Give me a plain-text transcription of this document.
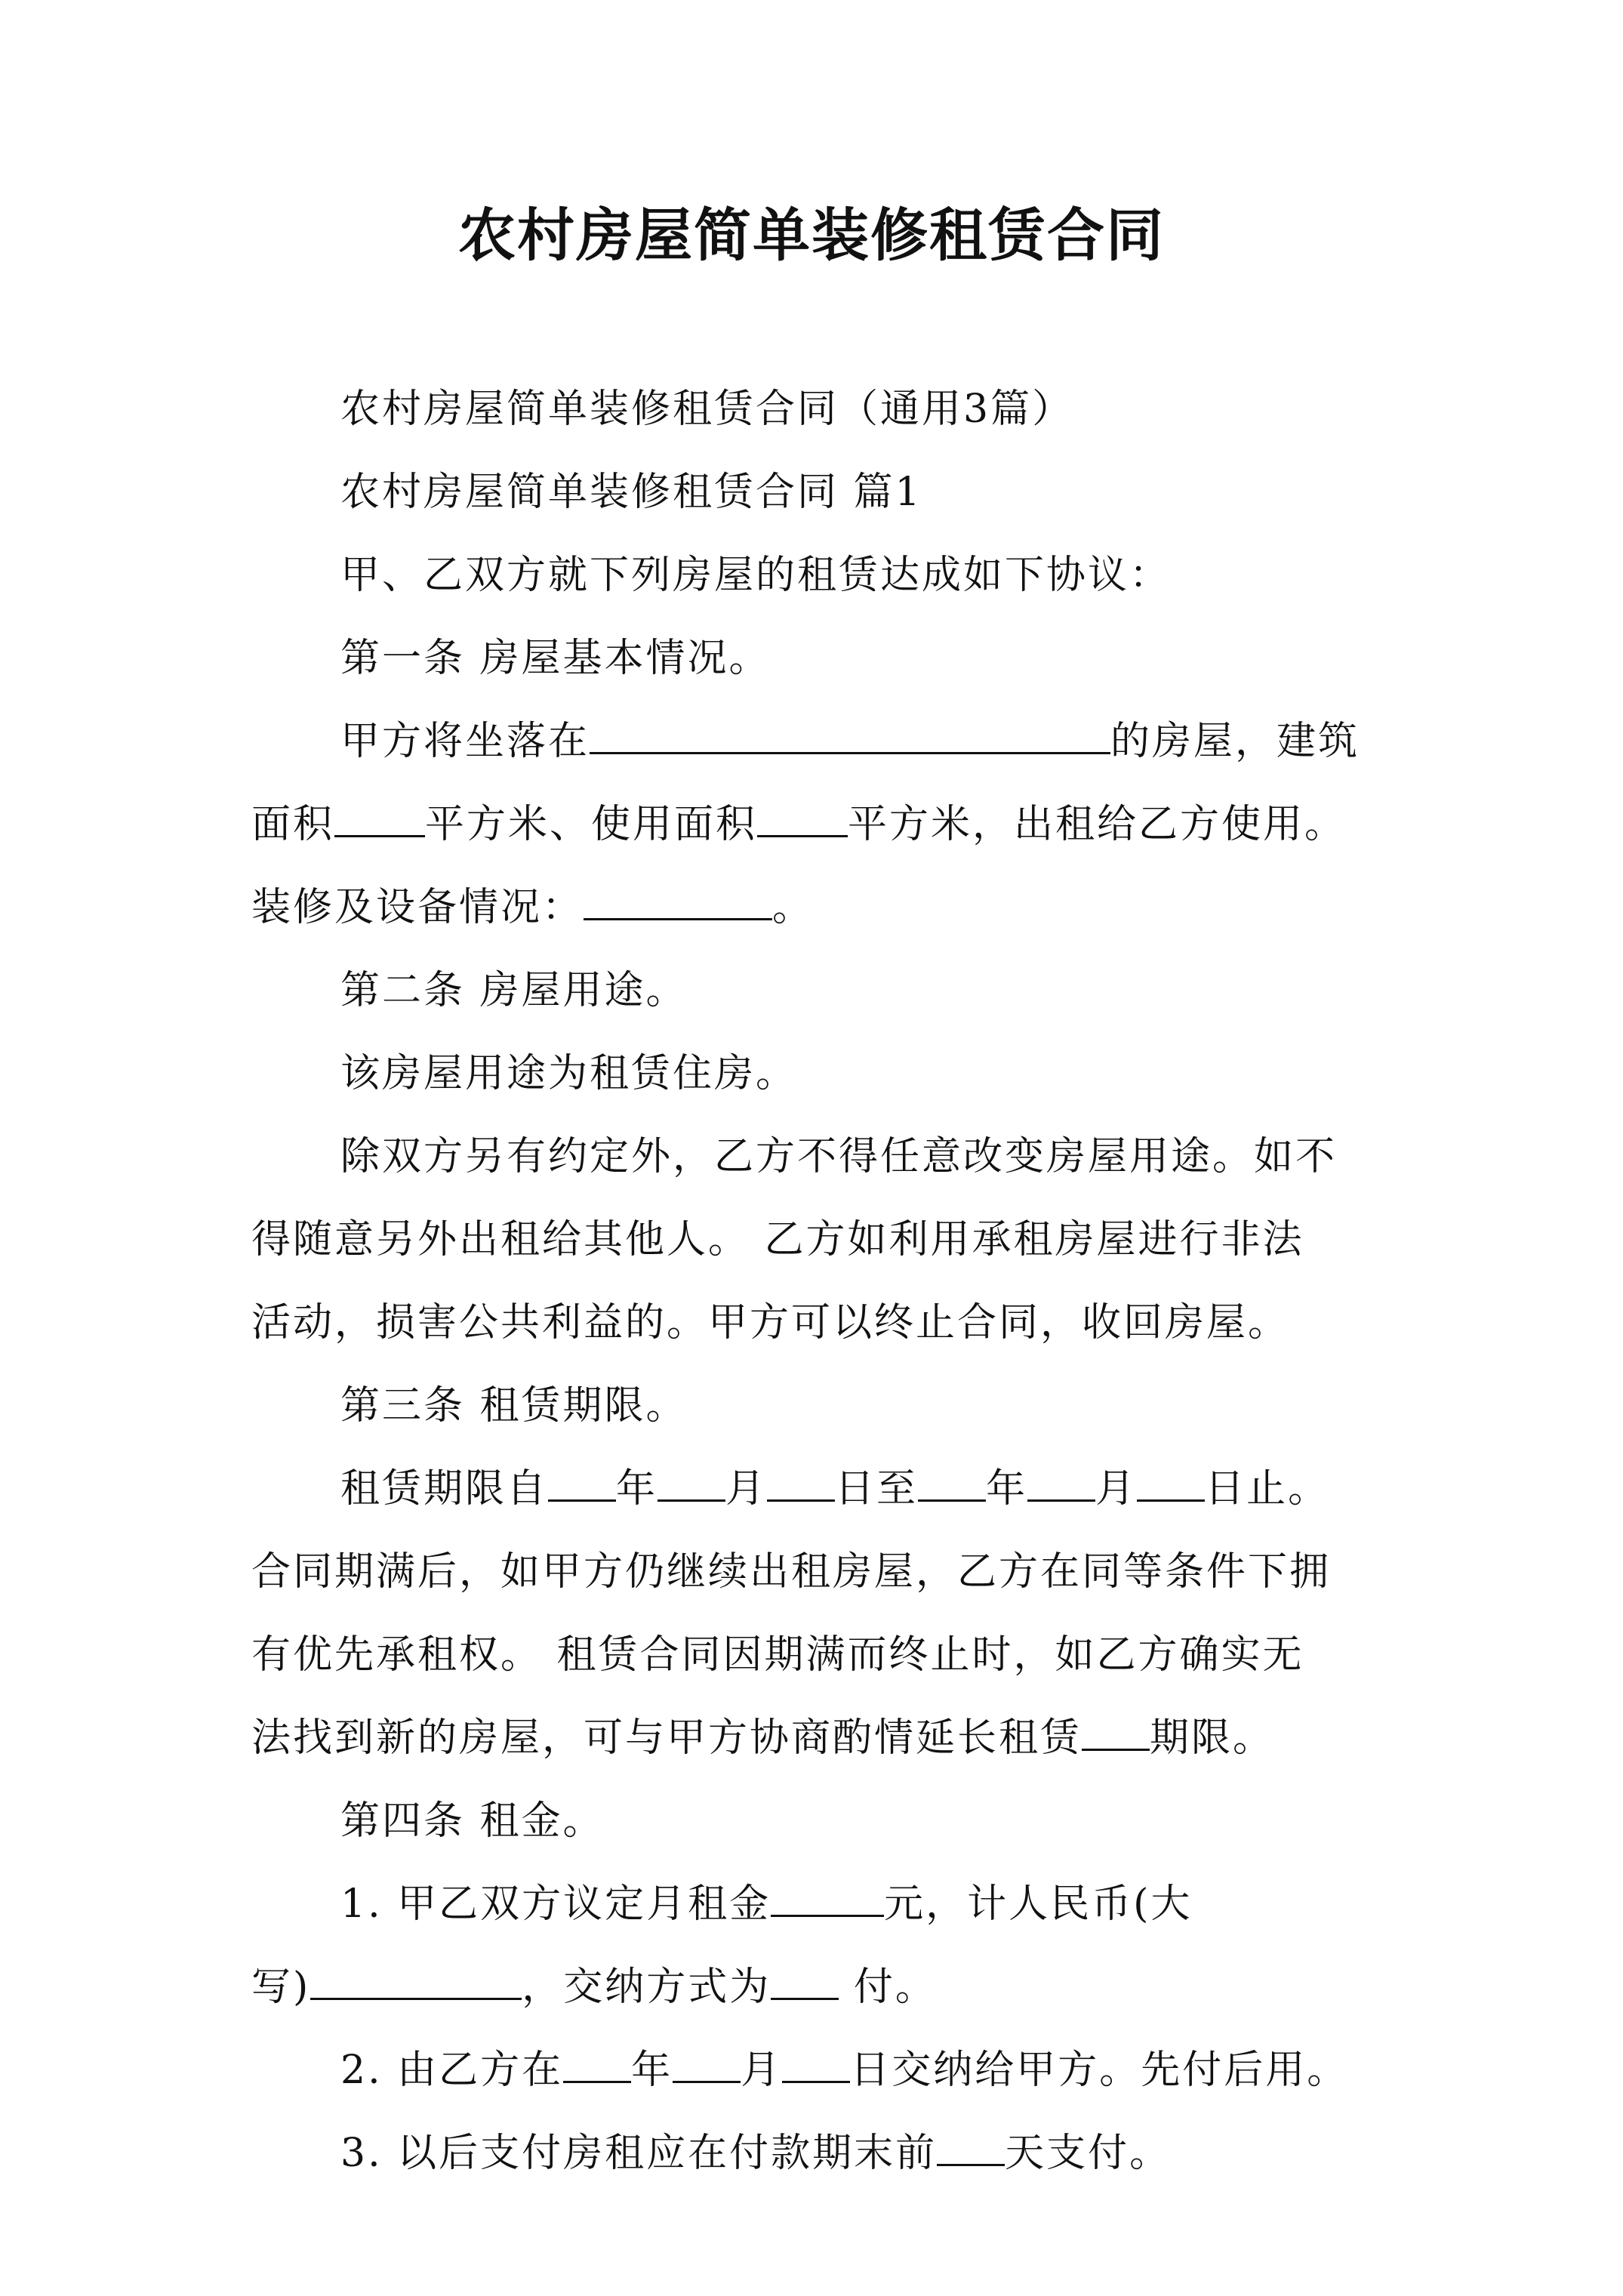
农村房屋简单装修租赁合同
农村房屋简单装修租赁合同（通用3篇）
农村房屋简单装修租赁合同 篇1
甲、乙双方就下列房屋的租赁达成如下协议：
第一条 房屋基本情况。
甲方将坐落在	的房屋，建筑
面积 平方米、使用面积 平方米，出租给乙方使用。
装修及设备情况：	。
第二条 房屋用途。
该房屋用途为租赁住房。
除双方另有约定外，乙方不得任意改变房屋用途。如不
得随意另外出租给其他人。 乙方如利用承租房屋进行非法
活动，损害公共利益的。甲方可以终止合同，收回房屋。
第三条 租赁期限。
租赁期限自 年 月 日至 年 月 日止。
合同期满后，如甲方仍继续出租房屋，乙方在同等条件下拥
有优先承租权。 租赁合同因期满而终止时，如乙方确实无
法找到新的房屋，可与甲方协商酌情延长租赁 期限。
第四条 租金。
1. 甲乙双方议定月租金	元，计人民币(大
写)	，交纳方式为 付。
2. 由乙方在 年 月 日交纳给甲方。先付后用。
3. 以后支付房租应在付款期末前 天支付。
